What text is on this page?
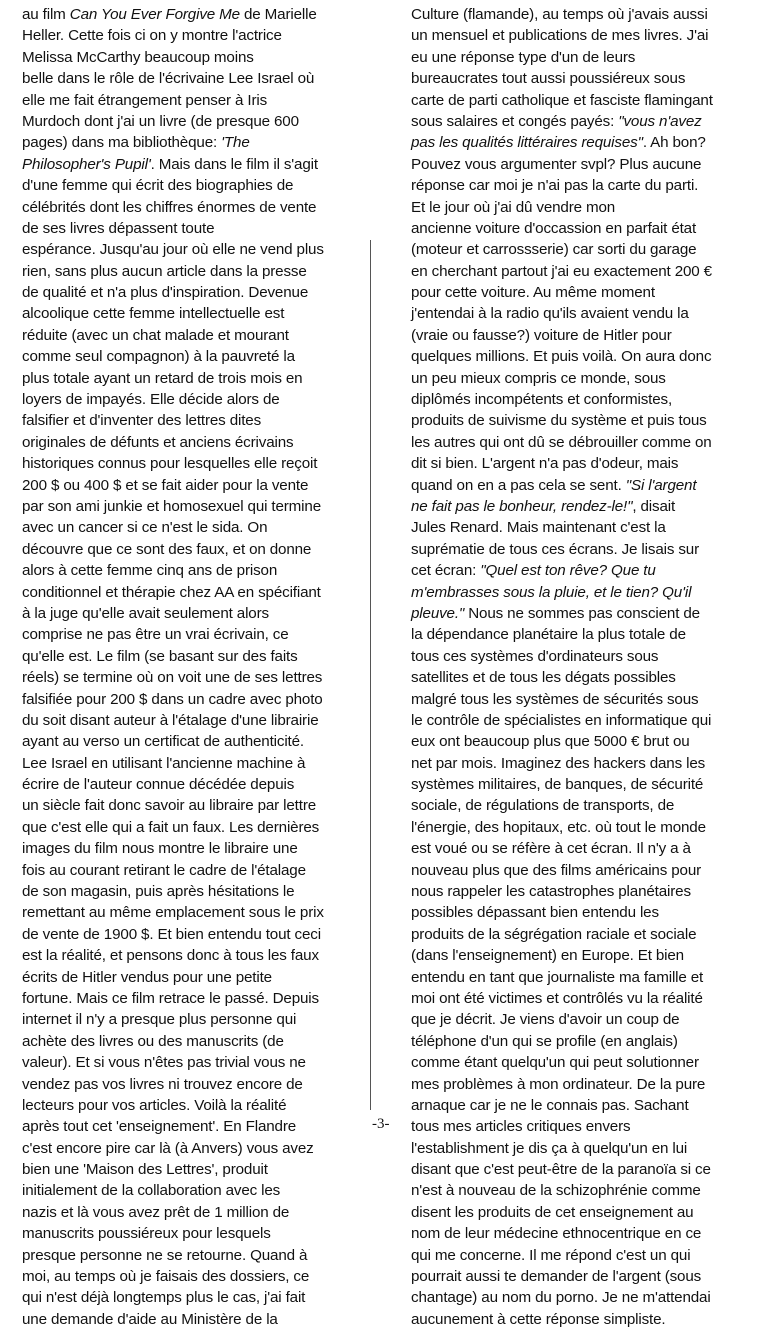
au film Can You Ever Forgive Me de Marielle
Heller. Cette fois ci on y montre l'actrice
Melissa McCarthy beaucoup moins
belle dans le rôle de l'écrivaine Lee Israel où
elle me fait étrangement penser à Iris
Murdoch dont j'ai un livre (de presque 600
pages) dans ma bibliothèque: 'The
Philosopher's Pupil'. Mais dans le film il s'agit
d'une femme qui écrit des biographies de
célébrités dont les chiffres énormes de vente
de ses livres dépassent toute
espérance. Jusqu'au jour où elle ne vend plus
rien, sans plus aucun article dans la presse
de qualité et n'a plus d'inspiration. Devenue
alcoolique cette femme intellectuelle est
réduite (avec un chat malade et mourant
comme seul compagnon) à la pauvreté la
plus totale ayant un retard de trois mois en
loyers de impayés. Elle décide alors de
falsifier et d'inventer des lettres dites
originales de défunts et anciens écrivains
historiques connus pour lesquelles elle reçoit
200 $ ou 400 $ et se fait aider pour la vente
par son ami junkie et homosexuel qui termine
avec un cancer si ce n'est le sida. On
découvre que ce sont des faux, et on donne
alors à cette femme cinq ans de prison
conditionnel et thérapie chez AA en spécifiant
à la juge qu'elle avait seulement alors
comprise ne pas être un vrai écrivain, ce
qu'elle est. Le film (se basant sur des faits
réels) se termine où on voit une de ses lettres
falsifiée pour 200 $ dans un cadre avec photo
du soit disant auteur à l'étalage d'une librairie
ayant au verso un certificat de authenticité.
Lee Israel en utilisant l'ancienne machine à
écrire de l'auteur connue décédée depuis
un siècle fait donc savoir au libraire par lettre
que c'est elle qui a fait un faux. Les dernières
images du film nous montre le libraire une
fois au courant retirant le cadre de l'étalage
de son magasin, puis après hésitations le
remettant au même emplacement sous le prix
de vente de 1900 $. Et bien entendu tout ceci
est la réalité, et pensons donc à tous les faux
écrits de Hitler vendus pour une petite
fortune. Mais ce film retrace le passé. Depuis
internet il n'y a presque plus personne qui
achète des livres ou des manuscrits (de
valeur). Et si vous n'êtes pas trivial vous ne
vendez pas vos livres ni trouvez encore de
lecteurs pour vos articles. Voilà la réalité
après tout cet 'enseignement'. En Flandre
c'est encore pire car là (à Anvers) vous avez
bien une 'Maison des Lettres', produit
initialement de la collaboration avec les
nazis et là vous avez prêt de 1 million de
manuscrits poussiéreux pour lesquels
presque personne ne se retourne. Quand à
moi, au temps où je faisais des dossiers, ce
qui n'est déjà longtemps plus le cas, j'ai fait
une demande d'aide au Ministère de la
Culture (flamande), au temps où j'avais aussi
un mensuel et publications de mes livres. J'ai
eu une réponse type d'un de leurs
bureaucrates tout aussi poussiéreux sous
carte de parti catholique et fasciste flamingant
sous salaires et congés payés: "vous n'avez
pas les qualités littéraires requises". Ah bon?
Pouvez vous argumenter svpl? Plus aucune
réponse car moi je n'ai pas la carte du parti.
Et le jour où j'ai dû vendre mon
ancienne voiture d'occassion en parfait état
(moteur et carrossserie) car sorti du garage
en cherchant partout j'ai eu exactement 200 €
pour cette voiture. Au même moment
j'entendai à la radio qu'ils avaient vendu la
(vraie ou fausse?) voiture de Hitler pour
quelques millions. Et puis voilà. On aura donc
un peu mieux compris ce monde, sous
diplômés incompétents et conformistes,
produits de suivisme du système et puis tous
les autres qui ont dû se débrouiller comme on
dit si bien. L'argent n'a pas d'odeur, mais
quand on en a pas cela se sent. "Si l'argent
ne fait pas le bonheur, rendez-le!", disait
Jules Renard. Mais maintenant c'est la
suprématie de tous ces écrans. Je lisais sur
cet écran: "Quel est ton rêve? Que tu
m'embrasses sous la pluie, et le tien? Qu'il
pleuve." Nous ne sommes pas conscient de
la dépendance planétaire la plus totale de
tous ces systèmes d'ordinateurs sous
satellites et de tous les dégats possibles
malgré tous les systèmes de sécurités sous
le contrôle de spécialistes en informatique qui
eux ont beaucoup plus que 5000 € brut ou
net par mois. Imaginez des hackers dans les
systèmes militaires, de banques, de sécurité
sociale, de régulations de transports, de
l'énergie, des hopitaux, etc. où tout le monde
est voué ou se réfère à cet écran. Il n'y a à
nouveau plus que des films américains pour
nous rappeler les catastrophes planétaires
possibles dépassant bien entendu les
produits de la ségrégation raciale et sociale
(dans l'enseignement) en Europe. Et bien
entendu en tant que journaliste ma famille et
moi ont été victimes et contrôlés vu la réalité
que je décrit. Je viens d'avoir un coup de
téléphone d'un qui se profile (en anglais)
comme étant quelqu'un qui peut solutionner
mes problèmes à mon ordinateur. De la pure
arnaque car je ne le connais pas. Sachant
tous mes articles critiques envers
l'establishment je dis ça à quelqu'un en lui
disant que c'est peut-être de la paranoïa si ce
n'est à nouveau de la schizophrénie comme
disent les produits de cet enseignement au
nom de leur médecine ethnocentrique en ce
qui me concerne. Il me répond c'est un qui
pourrait aussi te demander de l'argent (sous
chantage) au nom du porno. Je ne m'attendai
aucunement à cette réponse simpliste.
-3-
